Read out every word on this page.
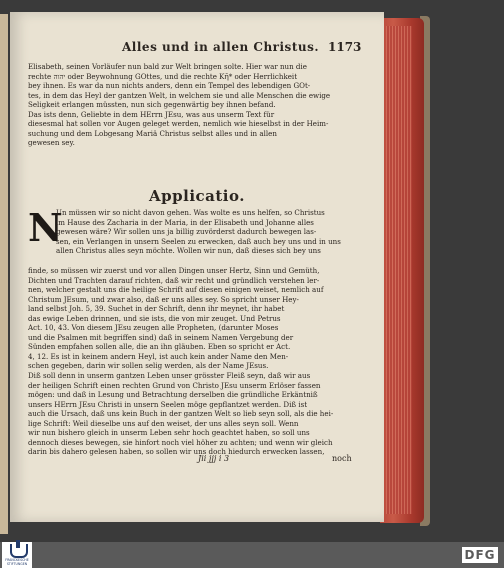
Alles und in allen Christus. 1173
Elisabeth, seinen Vorläufer nun bald zur Welt bringen solte. Hier war nun die
rechte יהוה oder Beywohnung GOttes, und die rechte Κῆ* oder Herrlichkeit
bey ihnen. Es war da nun nichts anders, denn ein Tempel des lebendigen GOt-
tes, in dem das Heyl der gantzen Welt, in welchem sie und alle Menschen die ewige
Seligkeit erlangen müssten, nun sich gegenwärtig bey ihnen befand.
Das ists denn, Geliebte in dem HErrn JEsu, was aus unserm Text für
diesesmal hat sollen vor Augen geleget werden, nemlich wie hieselbst in der Heim-
suchung und dem Lobgesang Mariä Christus selbst alles und in allen
gewesen sey.
Applicatio.
N
Un müssen wir so nicht davon gehen. Was wolte es uns helfen, so Christus
im Hause des Zacharia in der Maria, in der Elisabeth und Johanne alles
gewesen wäre? Wir sollen uns ja billig zuvörderst dadurch bewegen las-
sen, ein Verlangen in unsern Seelen zu erwecken, daß auch bey uns und in uns
allen Christus alles seyn möchte. Wollen wir nun, daß dieses sich bey uns
finde, so müssen wir zuerst und vor allen Dingen unser Hertz, Sinn und Gemüth,
Dichten und Trachten darauf richten, daß wir recht und gründlich verstehen ler-
nen, welcher gestalt uns die heilige Schrift auf diesen einigen weiset, nemlich auf
Christum JEsum, und zwar also, daß er uns alles sey. So spricht unser Hey-
land selbst Joh. 5, 39. Suchet in der Schrift, denn ihr meynet, ihr habet
das ewige Leben drinnen, und sie ists, die von mir zeuget. Und Petrus
Act. 10, 43. Von diesem JEsu zeugen alle Propheten, (darunter Moses
und die Psalmen mit begriffen sind) daß in seinem Namen Vergebung der
Sünden empfahen sollen alle, die an ihn gläuben. Eben so spricht er Act.
4, 12. Es ist in keinem andern Heyl, ist auch kein ander Name den Men-
schen gegeben, darin wir sollen selig werden, als der Name JEsus.
Diß soll denn in unserm gantzen Leben unser grösster Fleiß seyn, daß wir aus
der heiligen Schrift einen rechten Grund von Christo JEsu unserm Erlöser fassen
mögen: und daß in Lesung und Betrachtung derselben die gründliche Erkäntniß
unsers HErrn JEsu Christi in unsern Seelen möge gepflantzet werden. Diß ist
auch die Ursach, daß uns kein Buch in der gantzen Welt so lieb seyn soll, als die hei-
lige Schrift: Weil dieselbe uns auf den weiset, der uns alles seyn soll. Wenn
wir nun bishero gleich in unserm Leben sehr hoch geachtet haben, so soll uns
dennoch dieses bewegen, sie hinfort noch viel höher zu achten; und wenn wir gleich
darin bis dahero gelesen haben, so sollen wir uns doch hiedurch erwecken lassen,
Jii jjj i 3	noch
FRANCKESCHE STIFTUNGEN
DFG
